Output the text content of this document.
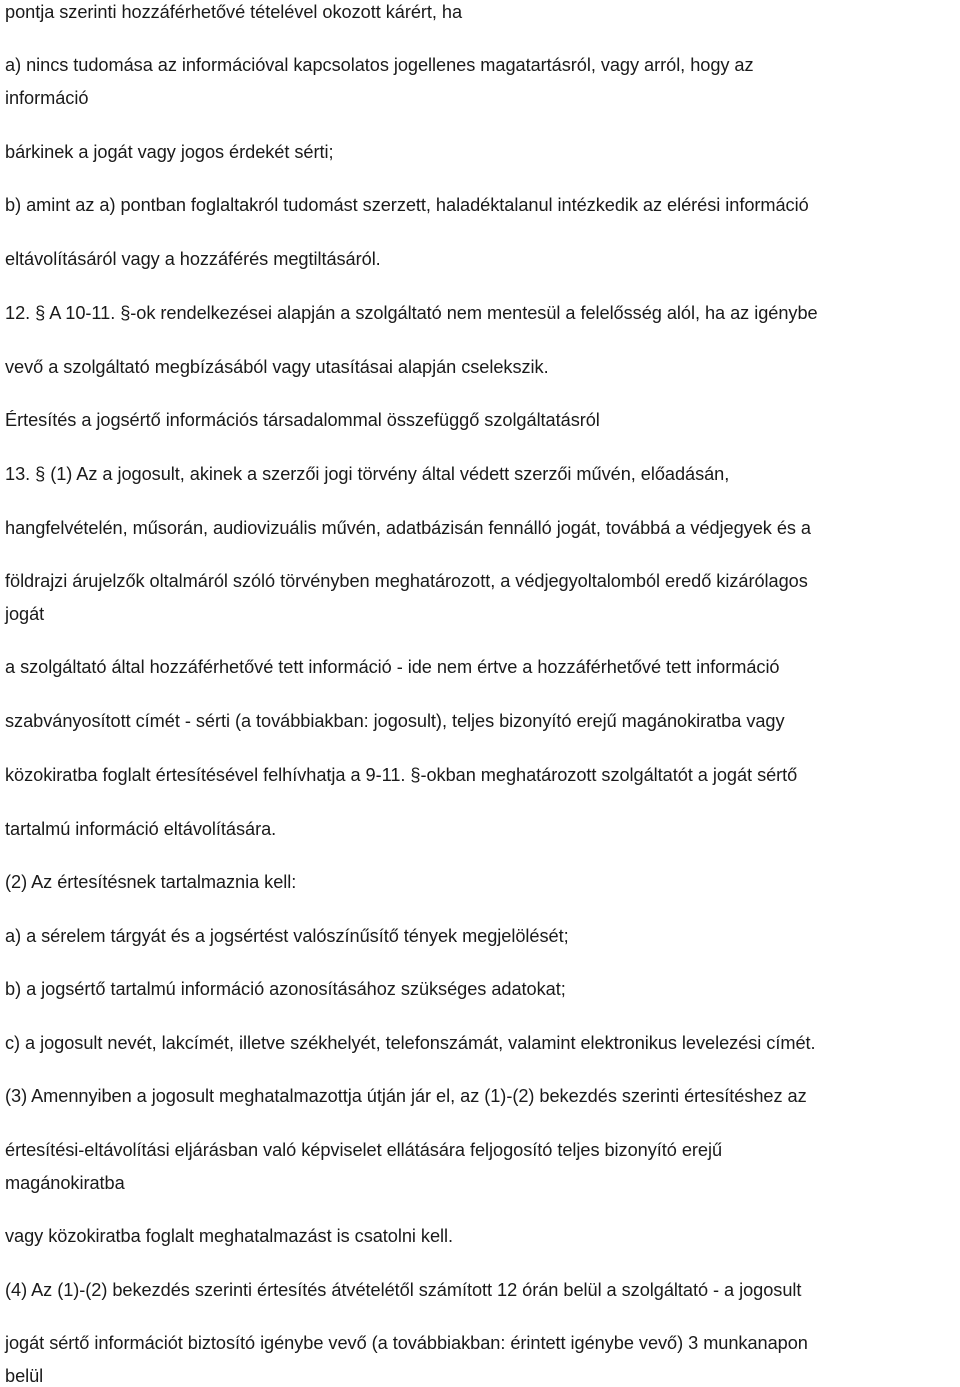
pontja szerinti hozzáférhetővé tételével okozott kárért, ha
a) nincs tudomása az információval kapcsolatos jogellenes magatartásról, vagy arról, hogy az
információ
bárkinek a jogát vagy jogos érdekét sérti;
b) amint az a) pontban foglaltakról tudomást szerzett, haladéktalanul intézkedik az elérési információ
eltávolításáról vagy a hozzáférés megtiltásáról.
12. § A 10-11. §-ok rendelkezései alapján a szolgáltató nem mentesül a felelősség alól, ha az igénybe
vevő a szolgáltató megbízásából vagy utasításai alapján cselekszik.
Értesítés a jogsértő információs társadalommal összefüggő szolgáltatásról
13. § (1) Az a jogosult, akinek a szerzői jogi törvény által védett szerzői művén, előadásán,
hangfelvételén, műsorán, audiovizuális művén, adatbázisán fennálló jogát, továbbá a védjegyek és a
földrajzi árujelzők oltalmáról szóló törvényben meghatározott, a védjegyoltalomból eredő kizárólagos
jogát
a szolgáltató által hozzáférhetővé tett információ - ide nem értve a hozzáférhetővé tett információ
szabványosított címét - sérti (a továbbiakban: jogosult), teljes bizonyító erejű magánokiratba vagy
közokiratba foglalt értesítésével felhívhatja a 9-11. §-okban meghatározott szolgáltatót a jogát sértő
tartalmú információ eltávolítására.
(2) Az értesítésnek tartalmaznia kell:
a) a sérelem tárgyát és a jogsértést valószínűsítő tények megjelölését;
b) a jogsértő tartalmú információ azonosításához szükséges adatokat;
c) a jogosult nevét, lakcímét, illetve székhelyét, telefonszámát, valamint elektronikus levelezési címét.
(3) Amennyiben a jogosult meghatalmazottja útján jár el, az (1)-(2) bekezdés szerinti értesítéshez az
értesítési-eltávolítási eljárásban való képviselet ellátására feljogosító teljes bizonyító erejű
magánokiratba
vagy közokiratba foglalt meghatalmazást is csatolni kell.
(4) Az (1)-(2) bekezdés szerinti értesítés átvételétől számított 12 órán belül a szolgáltató - a jogosult
jogát sértő információt biztosító igénybe vevő (a továbbiakban: érintett igénybe vevő) 3 munkanapon
belül
